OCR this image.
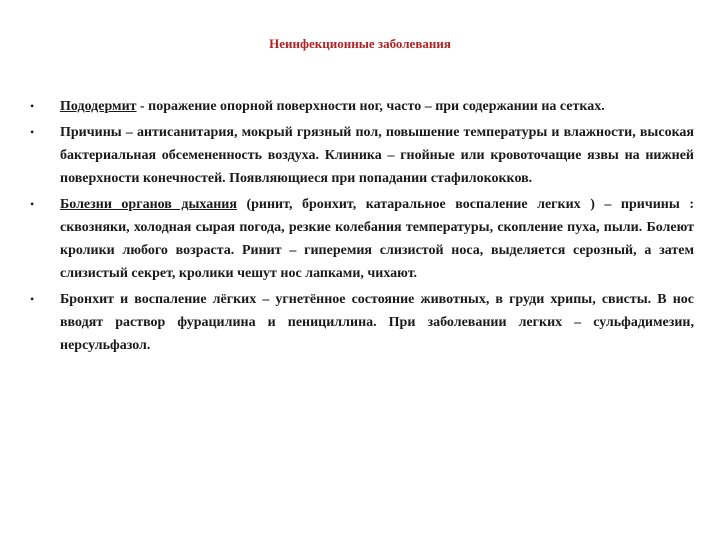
Неинфекционные заболевания
• Пододермит - поражение опорной поверхности ног, часто – при содержании на сетках.
• Причины – антисанитария, мокрый грязный пол, повышение температуры и влажности, высокая бактериальная обсемененность воздуха. Клиника – гнойные или кровоточащие язвы на нижней поверхности конечностей. Появляющиеся при попадании стафилококков.
• Болезни органов дыхания (ринит, бронхит, катаральное воспаление легких ) – причины : сквозняки, холодная сырая погода, резкие колебания температуры, скопление пуха, пыли. Болеют кролики любого возраста. Ринит – гиперемия слизистой носа, выделяется серозный, а затем слизистый секрет, кролики чешут нос лапками, чихают.
• Бронхит и воспаление лёгких – угнетённое состояние животных, в груди хрипы, свисты. В нос вводят раствор фурацилина и пенициллина. При заболевании легких – сульфадимезин, нерсульфазол.
